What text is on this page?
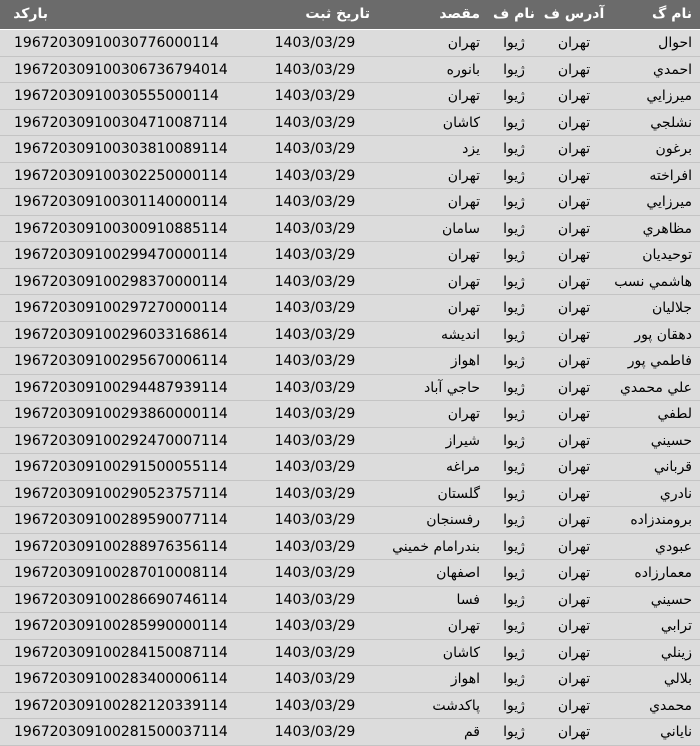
نام گ
آدرس ف
نام ف
مقصد
تاريخ ثبت
بارکد
احوال
تهران
ژيوا
تهران
1403/03/29
19672030910030776000114
احمدي
تهران
ژيوا
بانوره
1403/03/29
196720309100306736794014
ميرزايي
تهران
ژيوا
تهران
1403/03/29
19672030910030555000114
نشلجي
تهران
ژيوا
كاشان
1403/03/29
196720309100304710087114
برغون
تهران
ژيوا
يزد
1403/03/29
196720309100303810089114
افراخته
تهران
ژيوا
تهران
1403/03/29
196720309100302250000114
ميرزايي
تهران
ژيوا
تهران
1403/03/29
196720309100301140000114
مظاهري
تهران
ژيوا
سامان
1403/03/29
196720309100300910885114
توحيديان
تهران
ژيوا
تهران
1403/03/29
196720309100299470000114
هاشمي نسب
تهران
ژيوا
تهران
1403/03/29
196720309100298370000114
جلاليان
تهران
ژيوا
تهران
1403/03/29
196720309100297270000114
دهقان پور
تهران
ژيوا
انديشه
1403/03/29
196720309100296033168614
فاطمي پور
تهران
ژيوا
اهواز
1403/03/29
196720309100295670006114
علي محمدي
تهران
ژيوا
حاجي آباد
1403/03/29
196720309100294487939114
لطفي
تهران
ژيوا
تهران
1403/03/29
196720309100293860000114
حسيني
تهران
ژيوا
شيراز
1403/03/29
196720309100292470007114
قرباني
تهران
ژيوا
مراغه
1403/03/29
196720309100291500055114
نادري
تهران
ژيوا
گلستان
1403/03/29
196720309100290523757114
برومندزاده
تهران
ژيوا
رفسنجان
1403/03/29
196720309100289590077114
عبودي
تهران
ژيوا
بندرامام خميني
1403/03/29
196720309100288976356114
معمارزاده
تهران
ژيوا
اصفهان
1403/03/29
196720309100287010008114
حسيني
تهران
ژيوا
فسا
1403/03/29
196720309100286690746114
ترابي
تهران
ژيوا
تهران
1403/03/29
196720309100285990000114
زينلي
تهران
ژيوا
كاشان
1403/03/29
196720309100284150087114
بلالي
تهران
ژيوا
اهواز
1403/03/29
196720309100283400006114
محمدي
تهران
ژيوا
پاكدشت
1403/03/29
196720309100282120339114
ناياني
تهران
ژيوا
قم
1403/03/29
196720309100281500037114
